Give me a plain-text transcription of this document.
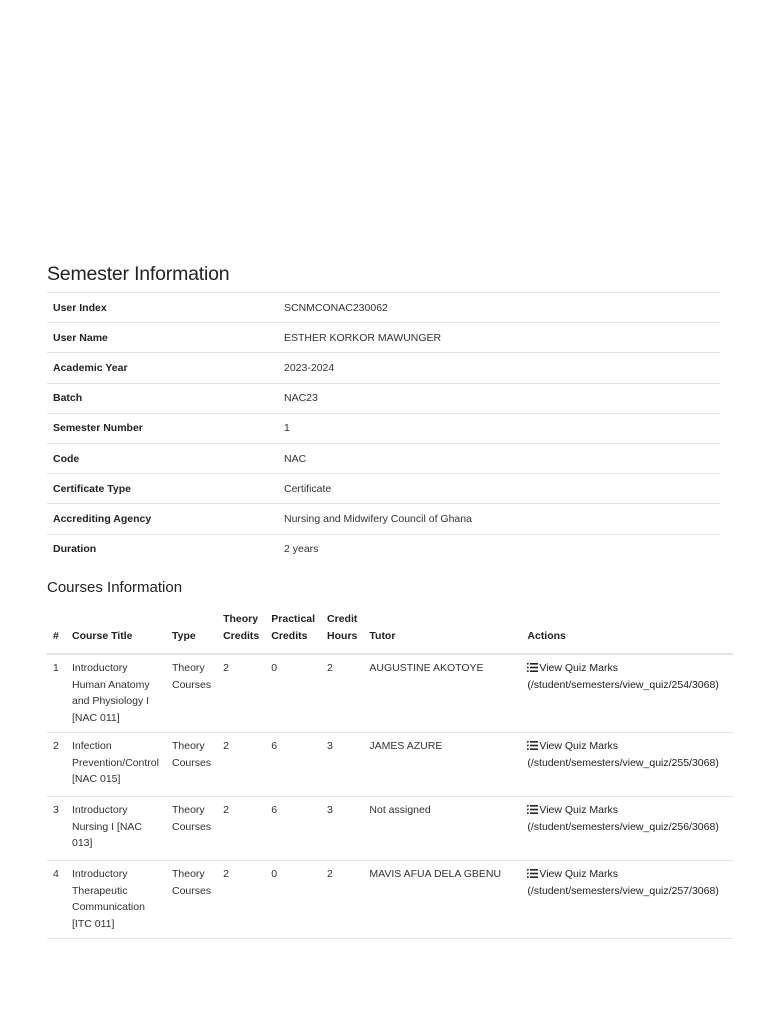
Semester Information
User Index	SCNMCONAC230062
User Name	ESTHER KORKOR MAWUNGER
Academic Year	2023-2024
Batch	NAC23
Semester Number	1
Code	NAC
Certificate Type	Certificate
Accrediting Agency	Nursing and Midwifery Council of Ghana
Duration	2 years
Courses Information
#	Course Title	Type	Theory Credits	Practical Credits	Credit Hours	Tutor	Actions
1	Introductory Human Anatomy and Physiology I [NAC 011]	Theory Courses	2	0	2	AUGUSTINE AKOTOYE	View Quiz Marks
(/student/semesters/view_quiz/254/3068)
2	Infection Prevention/Control [NAC 015]	Theory Courses	2	6	3	JAMES AZURE	View Quiz Marks
(/student/semesters/view_quiz/255/3068)
3	Introductory Nursing I [NAC 013]	Theory Courses	2	6	3	Not assigned	View Quiz Marks
(/student/semesters/view_quiz/256/3068)
4	Introductory Therapeutic Communication [ITC 011]	Theory Courses	2	0	2	MAVIS AFUA DELA GBENU	View Quiz Marks
(/student/semesters/view_quiz/257/3068)
